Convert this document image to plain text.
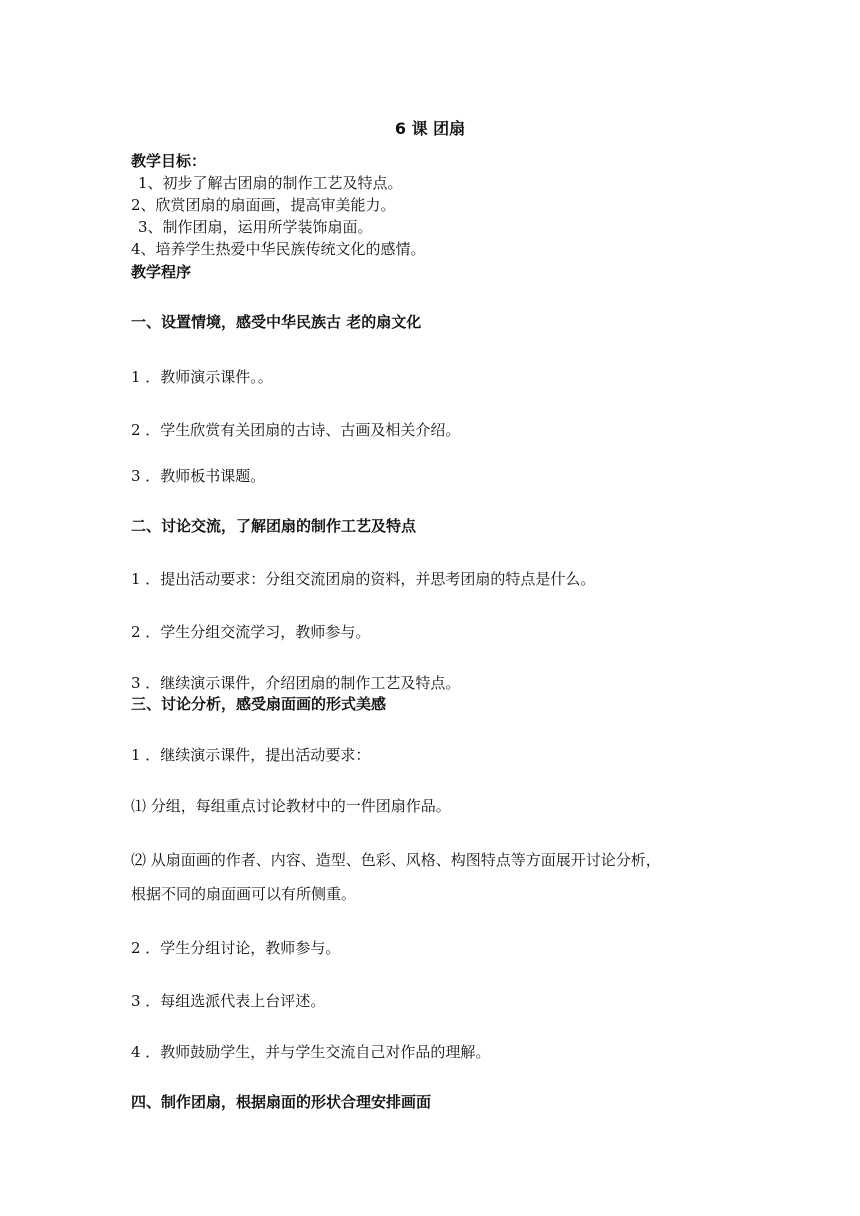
6 课 团扇
教学目标：
1、初步了解古团扇的制作工艺及特点。
2、欣赏团扇的扇面画，提高审美能力。
3、制作团扇，运用所学装饰扇面。
4、培养学生热爱中华民族传统文化的感情。
教学程序
一、设置情境，感受中华民族古 老的扇文化
1 ．教师演示课件。。
2 ．学生欣赏有关团扇的古诗、古画及相关介绍。
3 ．教师板书课题。
二、讨论交流，了解团扇的制作工艺及特点
1 ．提出活动要求：分组交流团扇的资料，并思考团扇的特点是什么。
2 ．学生分组交流学习，教师参与。
3 ．继续演示课件，介绍团扇的制作工艺及特点。
三、讨论分析，感受扇面画的形式美感
1 ．继续演示课件，提出活动要求：
⑴ 分组，每组重点讨论教材中的一件团扇作品。
⑵ 从扇面画的作者、内容、造型、色彩、风格、构图特点等方面展开讨论分析，
根据不同的扇面画可以有所侧重。
2 ．学生分组讨论，教师参与。
3 ．每组选派代表上台评述。
4 ．教师鼓励学生，并与学生交流自己对作品的理解。
四、制作团扇，根据扇面的形状合理安排画面
